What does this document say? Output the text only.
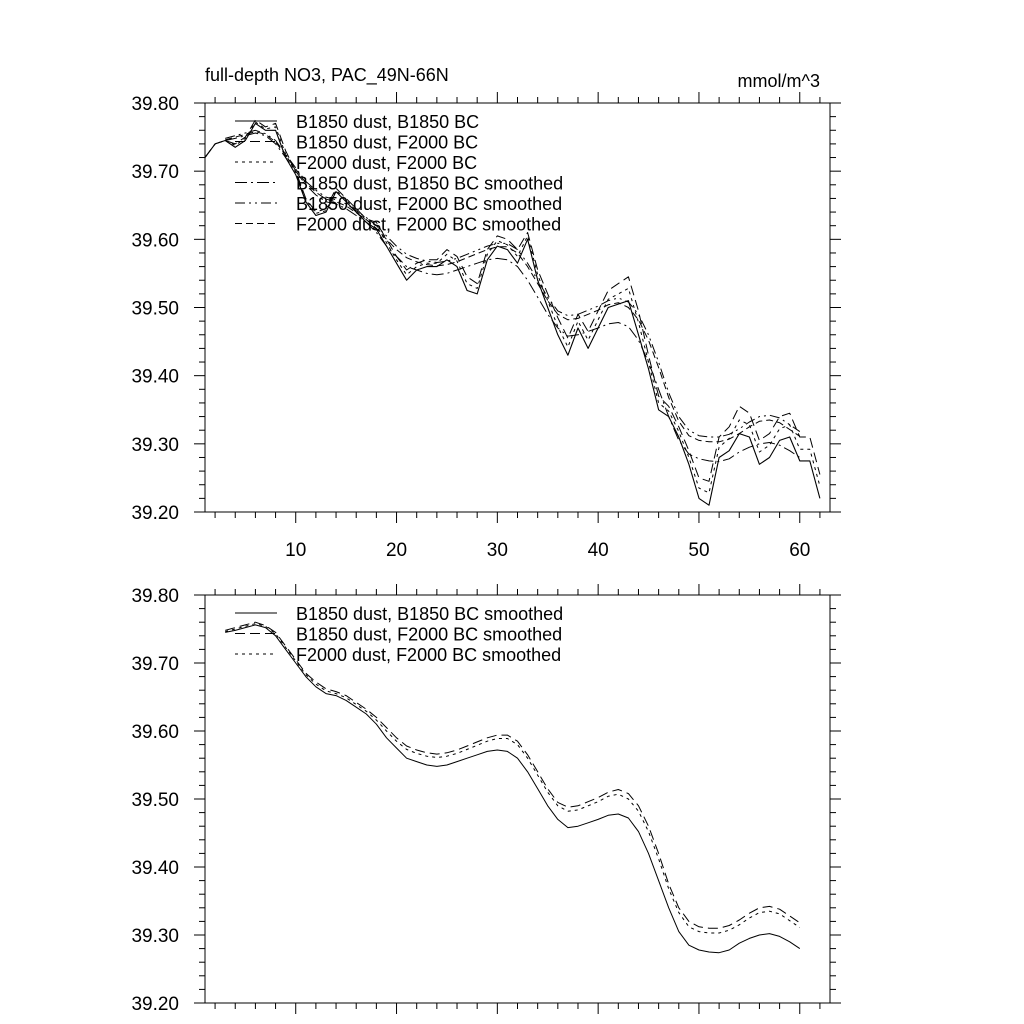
full-depth NO3, PAC_49N-66N	mmol/m^3
39.20
39.30
39.40
39.50
39.60
39.70
39.80
10	20	30	40	50	60
B1850 dust, B1850 BC
B1850 dust, F2000 BC
F2000 dust, F2000 BC
B1850 dust, B1850 BC smoothed
B1850 dust, F2000 BC smoothed
F2000 dust, F2000 BC smoothed
39.20
39.30
39.40
39.50
39.60
39.70
39.80
B1850 dust, B1850 BC smoothed
B1850 dust, F2000 BC smoothed
F2000 dust, F2000 BC smoothed
